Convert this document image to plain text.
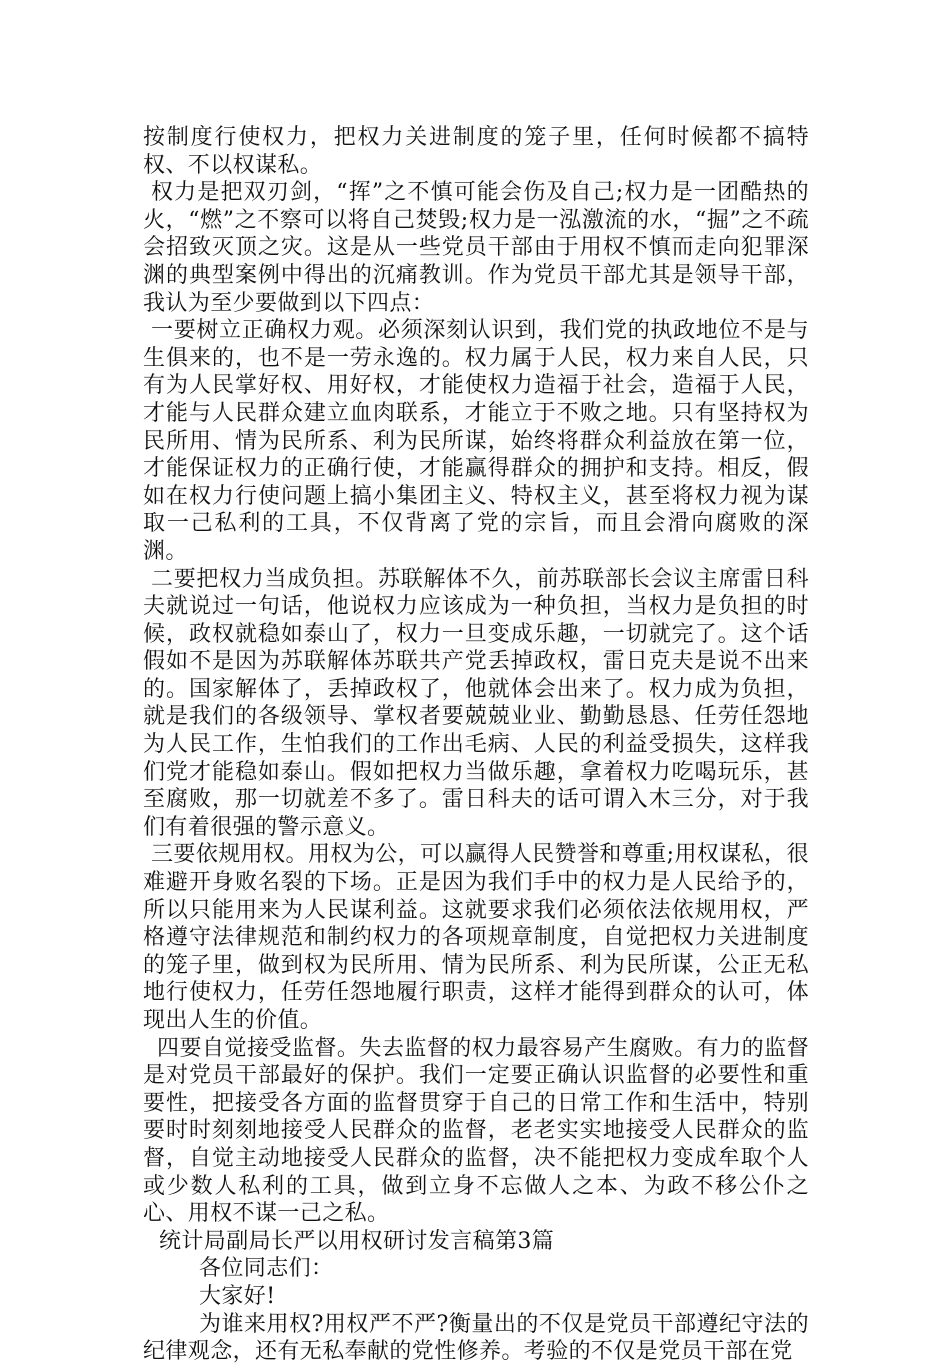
按制度行使权力，把权力关进制度的笼子里，任何时候都不搞特权、不以权谋私。

权力是把双刃剑，“挥”之不慎可能会伤及自己;权力是一团酷热的火，“燃”之不察可以将自己焚毁;权力是一泓激流的水，“掘”之不疏会招致灭顶之灾。这是从一些党员干部由于用权不慎而走向犯罪深渊的典型案例中得出的沉痛教训。作为党员干部尤其是领导干部，我认为至少要做到以下四点：

一要树立正确权力观。必须深刻认识到，我们党的执政地位不是与生俱来的，也不是一劳永逸的。权力属于人民，权力来自人民，只有为人民掌好权、用好权，才能使权力造福于社会，造福于人民，才能与人民群众建立血肉联系，才能立于不败之地。只有坚持权为民所用、情为民所系、利为民所谋，始终将群众利益放在第一位，才能保证权力的正确行使，才能赢得群众的拥护和支持。相反，假如在权力行使问题上搞小集团主义、特权主义，甚至将权力视为谋取一己私利的工具，不仅背离了党的宗旨，而且会滑向腐败的深渊。

二要把权力当成负担。苏联解体不久，前苏联部长会议主席雷日科夫就说过一句话，他说权力应该成为一种负担，当权力是负担的时候，政权就稳如泰山了，权力一旦变成乐趣，一切就完了。这个话假如不是因为苏联解体苏联共产党丢掉政权，雷日克夫是说不出来的。国家解体了，丢掉政权了，他就体会出来了。权力成为负担，就是我们的各级领导、掌权者要兢兢业业、勤勤恳恳、任劳任怨地为人民工作，生怕我们的工作出毛病、人民的利益受损失，这样我们党才能稳如泰山。假如把权力当做乐趣，拿着权力吃喝玩乐，甚至腐败，那一切就差不多了。雷日科夫的话可谓入木三分，对于我们有着很强的警示意义。

三要依规用权。用权为公，可以赢得人民赞誉和尊重;用权谋私，很难避开身败名裂的下场。正是因为我们手中的权力是人民给予的，所以只能用来为人民谋利益。这就要求我们必须依法依规用权，严格遵守法律规范和制约权力的各项规章制度，自觉把权力关进制度的笼子里，做到权为民所用、情为民所系、利为民所谋，公正无私地行使权力，任劳任怨地履行职责，这样才能得到群众的认可，体现出人生的价值。

四要自觉接受监督。失去监督的权力最容易产生腐败。有力的监督是对党员干部最好的保护。我们一定要正确认识监督的必要性和重要性，把接受各方面的监督贯穿于自己的日常工作和生活中，特别要时时刻刻地接受人民群众的监督，老老实实地接受人民群众的监督，自觉主动地接受人民群众的监督，决不能把权力变成牟取个人或少数人私利的工具，做到立身不忘做人之本、为政不移公仆之心、用权不谋一己之私。

统计局副局长严以用权研讨发言稿第3篇

各位同志们：

大家好!

为谁来用权?用权严不严?衡量出的不仅是党员干部遵纪守法的纪律观念，还有无私奉献的党性修养。考验的不仅是党员干部在党
